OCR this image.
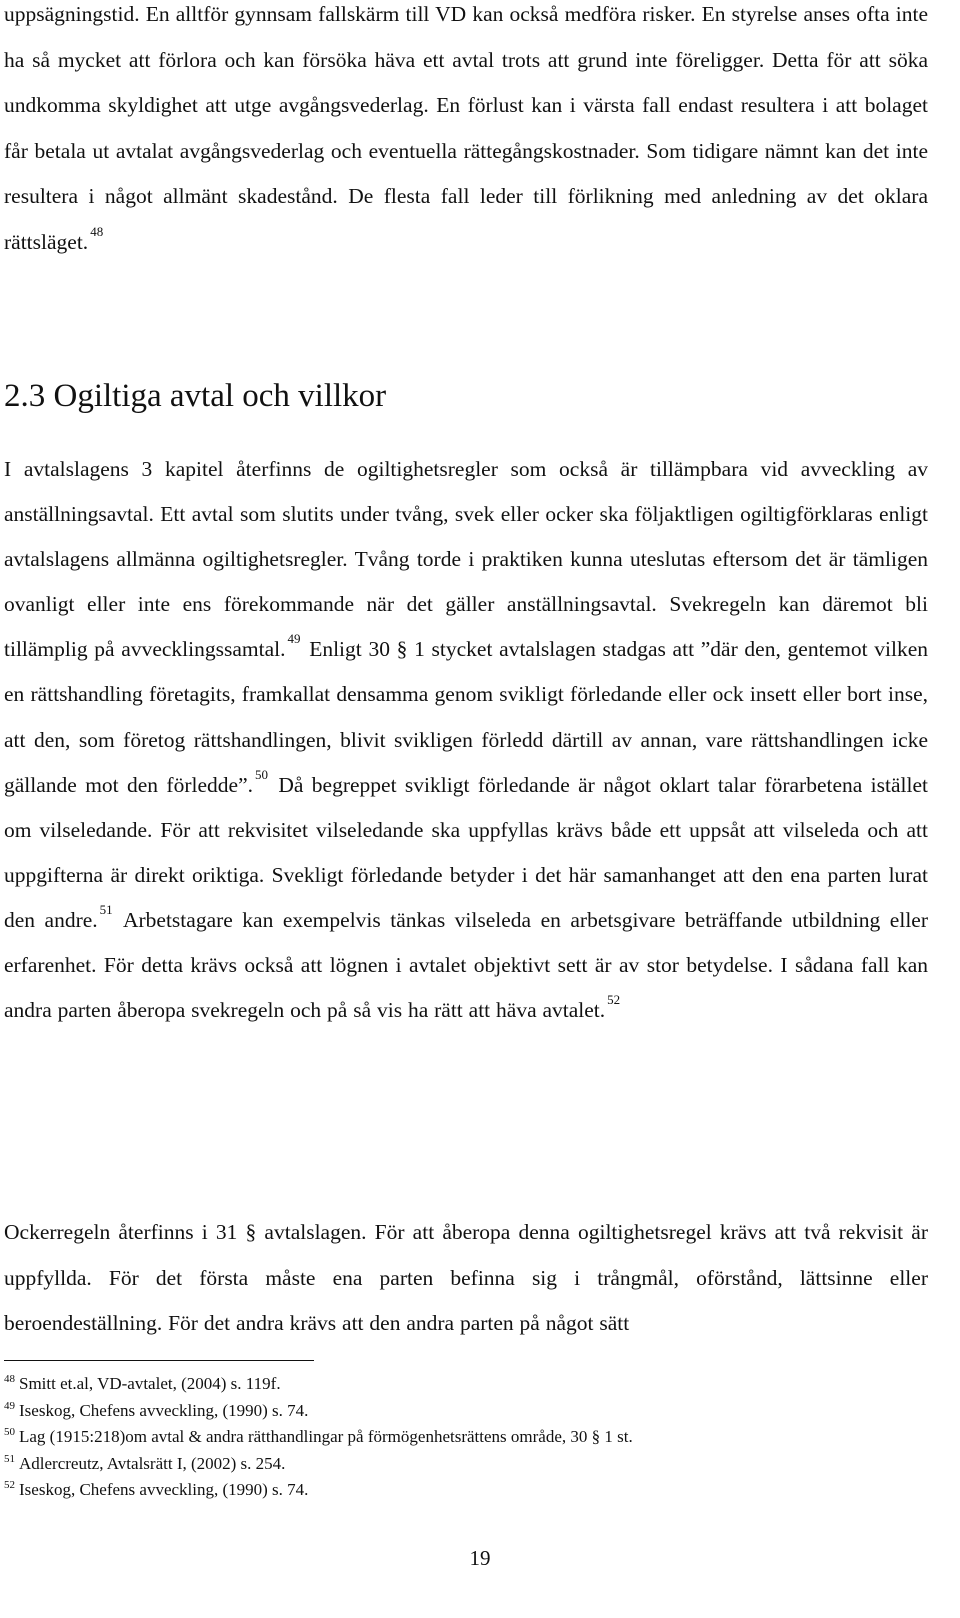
uppsägningstid. En alltför gynnsam fallskärm till VD kan också medföra risker. En styrelse anses ofta inte ha så mycket att förlora och kan försöka häva ett avtal trots att grund inte föreligger. Detta för att söka undkomma skyldighet att utge avgångsvederlag. En förlust kan i värsta fall endast resultera i att bolaget får betala ut avtalat avgångsvederlag och eventuella rättegångskostnader. Som tidigare nämnt kan det inte resultera i något allmänt skadestånd. De flesta fall leder till förlikning med anledning av det oklara rättsläget. $^{48}$

2.3 Ogiltiga avtal och villkor

I avtalslagens 3 kapitel återfinns de ogiltighetsregler som också är tillämpbara vid avveckling av anställningsavtal. Ett avtal som slutits under tvång, svek eller ocker ska följaktligen ogiltigförklaras enligt avtalslagens allmänna ogiltighetsregler. Tvång torde i praktiken kunna uteslutas eftersom det är tämligen ovanligt eller inte ens förekommande när det gäller anställningsavtal. Svekregeln kan däremot bli tillämplig på avvecklingssamtal. $^{49}$ Enligt 30 § 1 stycket avtalslagen stadgas att ”där den, gentemot vilken en rättshandling företagits, framkallat densamma genom svikligt förledande eller ock insett eller bort inse, att den, som företog rättshandlingen, blivit svikligen förledd därtill av annan, vare rättshandlingen icke gällande mot den förledde”. $^{50}$ Då begreppet svikligt förledande är något oklart talar förarbetena istället om vilseledande. För att rekvisitet vilseledande ska uppfyllas krävs både ett uppsåt att vilseleda och att uppgifterna är direkt oriktiga. Svekligt förledande betyder i det här samanhanget att den ena parten lurat den andre. $^{51}$ Arbetstagare kan exempelvis tänkas vilseleda en arbetsgivare beträffande utbildning eller erfarenhet. För detta krävs också att lögnen i avtalet objektivt sett är av stor betydelse. I sådana fall kan andra parten åberopa svekregeln och på så vis ha rätt att häva avtalet. $^{52}$

Ockerregeln återfinns i 31 § avtalslagen. För att åberopa denna ogiltighetsregel krävs att två rekvisit är uppfyllda. För det första måste ena parten befinna sig i trångmål, oförstånd, lättsinne eller beroendeställning. För det andra krävs att den andra parten på något sätt

$^{48}$ Smitt et.al, VD-avtalet, (2004) s. 119f.
$^{49}$ Iseskog, Chefens avveckling, (1990) s. 74.
$^{50}$ Lag (1915:218)om avtal & andra rätthandlingar på förmögenhetsrättens område, 30 § 1 st.
$^{51}$ Adlercreutz, Avtalsrätt I, (2002) s. 254.
$^{52}$ Iseskog, Chefens avveckling, (1990) s. 74.
19
